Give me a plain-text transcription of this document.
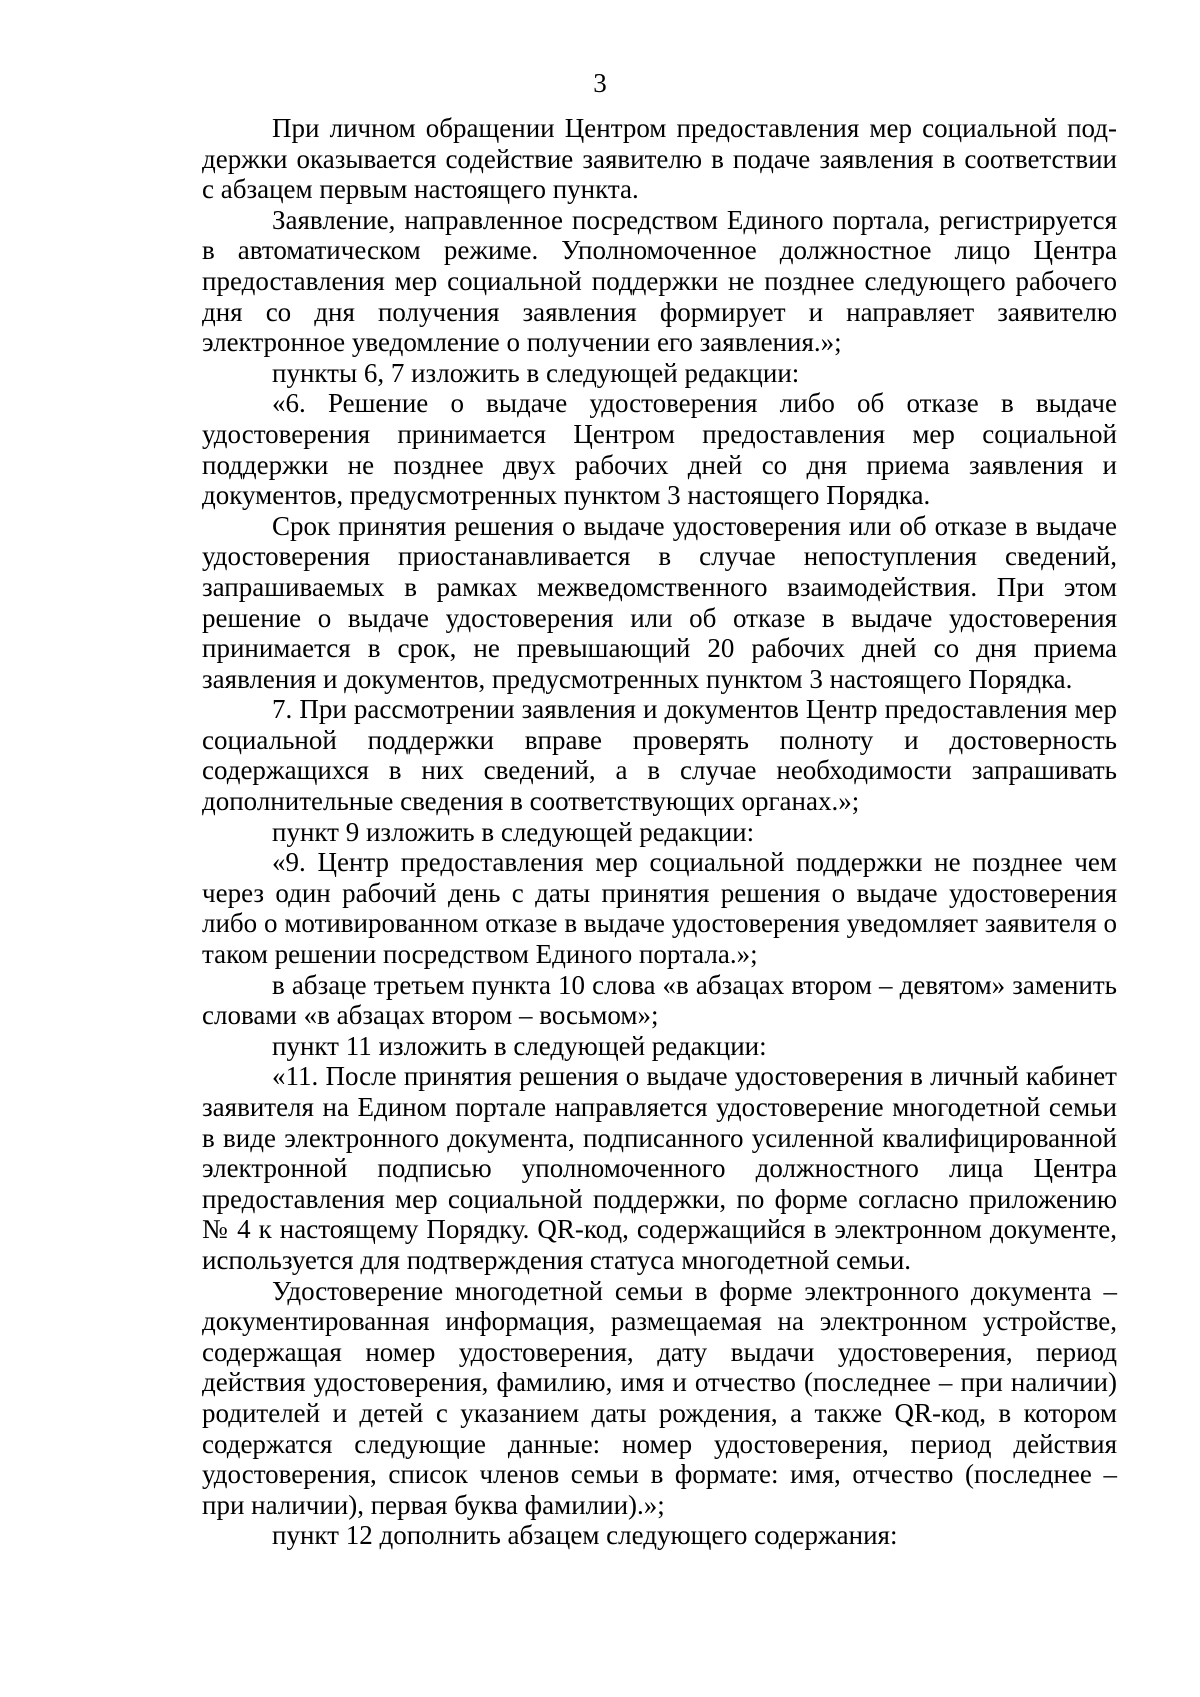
3

При личном обращении Центром предоставления мер социальной поддержки оказывается содействие заявителю в подаче заявления в соответствии с абзацем первым настоящего пункта.

Заявление, направленное посредством Единого портала, регистрируется в автоматическом режиме. Уполномоченное должностное лицо Центра предоставления мер социальной поддержки не позднее следующего рабочего дня со дня получения заявления формирует и направляет заявителю электронное уведомление о получении его заявления.»;

пункты 6, 7 изложить в следующей редакции:

«6. Решение о выдаче удостоверения либо об отказе в выдаче удостоверения принимается Центром предоставления мер социальной поддержки не позднее двух рабочих дней со дня приема заявления и документов, предусмотренных пунктом 3 настоящего Порядка.

Срок принятия решения о выдаче удостоверения или об отказе в выдаче удостоверения приостанавливается в случае непоступления сведений, запрашиваемых в рамках межведомственного взаимодействия. При этом решение о выдаче удостоверения или об отказе в выдаче удостоверения принимается в срок, не превышающий 20 рабочих дней со дня приема заявления и документов, предусмотренных пунктом 3 настоящего Порядка.

7. При рассмотрении заявления и документов Центр предоставления мер социальной поддержки вправе проверять полноту и достоверность содержащихся в них сведений, а в случае необходимости запрашивать дополнительные сведения в соответствующих органах.»;

пункт 9 изложить в следующей редакции:

«9. Центр предоставления мер социальной поддержки не позднее чем через один рабочий день с даты принятия решения о выдаче удостоверения либо о мотивированном отказе в выдаче удостоверения уведомляет заявителя о таком решении посредством Единого портала.»;

в абзаце третьем пункта 10 слова «в абзацах втором – девятом» заменить словами «в абзацах втором – восьмом»;

пункт 11 изложить в следующей редакции:

«11. После принятия решения о выдаче удостоверения в личный кабинет заявителя на Едином портале направляется удостоверение многодетной семьи в виде электронного документа, подписанного усиленной квалифицированной электронной подписью уполномоченного должностного лица Центра предоставления мер социальной поддержки, по форме согласно приложению № 4 к настоящему Порядку. QR-код, содержащийся в электронном документе, используется для подтверждения статуса многодетной семьи.

Удостоверение многодетной семьи в форме электронного документа – документированная информация, размещаемая на электронном устройстве, содержащая номер удостоверения, дату выдачи удостоверения, период действия удостоверения, фамилию, имя и отчество (последнее – при наличии) родителей и детей с указанием даты рождения, а также QR-код, в котором содержатся следующие данные: номер удостоверения, период действия удостоверения, список членов семьи в формате: имя, отчество (последнее – при наличии), первая буква фамилии).»;

пункт 12 дополнить абзацем следующего содержания:
